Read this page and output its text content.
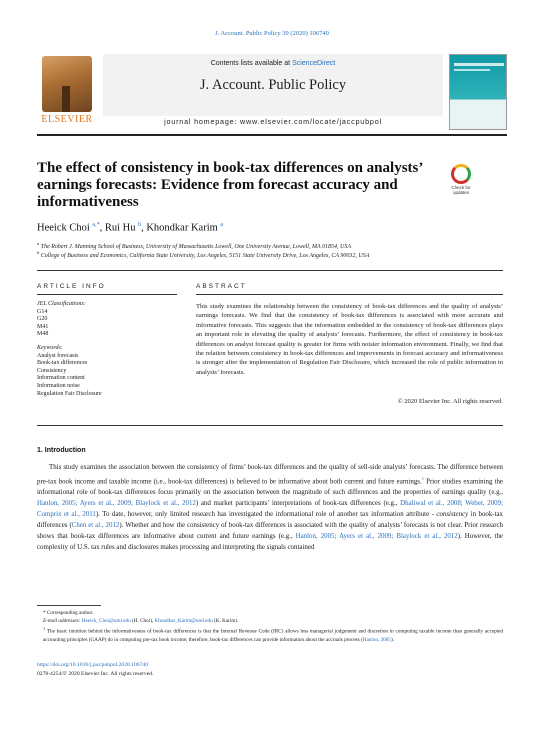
J. Account. Public Policy 39 (2020) 106740
ELSEVIER
Contents lists available at ScienceDirect
J. Account. Public Policy
journal homepage: www.elsevier.com/locate/jaccpubpol
The effect of consistency in book-tax differences on analysts’ earnings forecasts: Evidence from forecast accuracy and informativeness
Check for updates
Heeick Choi $^{a,*}$, Rui Hu $^b$, Khondkar Karim $^a$
$^a$ The Robert J. Manning School of Business, University of Massachusetts Lowell, One University Avenue, Lowell, MA 01854, USA
$^b$ College of Business and Economics, California State University, Los Angeles, 5151 State University Drive, Los Angeles, CA 90032, USA
ARTICLE INFO	ABSTRACT
JEL Classifications:
G14
G20
M41
M48
Keywords:
Analyst forecasts
Book-tax differences
Consistency
Information content
Information noise
Regulation Fair Disclosure
This study examines the relationship between the consistency of book-tax differences and the quality of analysts’ earnings forecasts. We find that the consistency of book-tax differences is associated with more accurate and informative forecasts. This suggests that the information embedded in the consistency of book-tax differences plays an important role in elevating the quality of analysts’ forecasts. Furthermore, the effect of consistency in book-tax differences on analyst forecast quality is greater for firms with noisier information environment. Finally, we find that the relation between consistency in book-tax differences and improvements in forecast accuracy and informativeness is stronger after the implementation of Regulation Fair Disclosure, which increased the role of public information in analysts’ forecasts.
© 2020 Elsevier Inc. All rights reserved.
1. Introduction

This study examines the association between the consistency of firms’ book-tax differences and the quality of sell-side analysts’ forecasts. The difference between pre-tax book income and taxable income (i.e., book-tax differences) is believed to be informative about both current and future earnings.$^1$ Prior studies examining the informational role of book-tax differences focus primarily on the association between the magnitude of such differences and the properties of earnings quality (e.g., Hanlon, 2005; Ayers et al., 2009; Blaylock et al., 2012) and market participants’ interpretations of book-tax differences (e.g., Dhaliwal et al., 2008; Weber, 2009; Comprix et al., 2011). To date, however, only limited research has investigated the informational role of another tax information attribute - consistency in book-tax differences (Chen et al., 2012). Whether and how the consistency of book-tax differences is associated with the quality of analysts’ forecasts is not clear. Prior research shows that book-tax differences are informative about current and future earnings (e.g., Hanlon, 2005; Ayers et al., 2009; Blaylock et al., 2012). However, the complexity of U.S. tax rules and disclosures makes processing and interpreting the signals contained

* Corresponding author.
E-mail addresses: Heeick_Choi@uml.edu (H. Choi), Khondkar_Karim@uml.edu (K. Karim).
$^1$ The basic intuition behind the informativeness of book-tax differences is that the Internal Revenue Code (IRC) allows less managerial judgement and discretion in computing taxable income than generally accepted accounting principles (GAAP) do in computing pre-tax book income; therefore, book-tax differences can provide information about the accruals process (Hanlon, 2005).
https://doi.org/10.1016/j.jaccpubpol.2020.106740
0278-4254/© 2020 Elsevier Inc. All rights reserved.
